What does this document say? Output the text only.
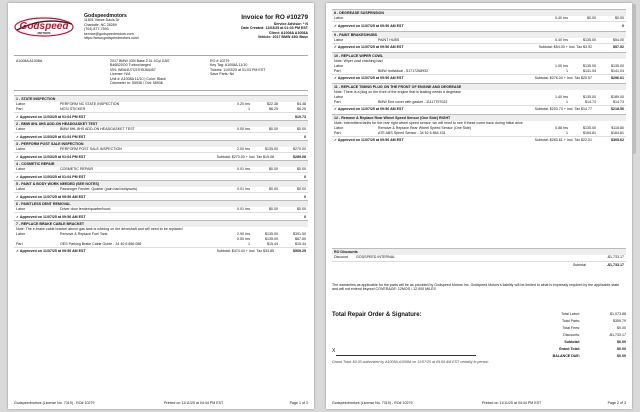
Godspeed
MOTORS
Godspeedmotors
11801 Vance Davis Dr
Charlotte, NC 28269
(704) 877-7593
service@godspeedmotors.com
https://www.godspeedmotors.com/
Invoice for RO #10279
Service Advisor: * N
Date Created: 11/03/25 at 01:03 PM EST
Client: A1008A A1008A
Vehicle: 2017 BMW 430i Base
A1008A A1008A	2017 BMW 430i Base 2.0L 4Cyl GAS
B46B20O0 Turbocharged
VIN: WBA4U7C57H5J84457
License: N/A
Unit #: A1008A 11/10 | Color: Black
Odometer In: 55936 / Out: 55936
RO # 10279
Key Tag: A1008A-11/10
Tickets: 11/03/25 at 01:03 PM EST
Save Parts: No
1 - STATE INSPECTION
Labor	PERFORM NC STATE INSPECTION	0.20 hrs	$22.38	$4.48
Part	NCSI STICKER	1	$6.25	$6.25
✓ Approved on 11/03/25 at 01:04 PM EST	$10.73
2 - BMW 8HL 8HS ADD-ON HEADGASKET TEST
Labor	BMW 8HL 8HS ADD-ON HEADGASKET TEST	0.00 hrs	$0.00	$0.00
✓ Approved on 11/03/25 at 01:04 PM EST	0
3 - PERFORM POST SALE INSPECTION
Labor	PERFORM POST SALE INSPECTION	2.00 hrs	$135.00	$270.00
✓ Approved on 11/03/25 at 01:04 PM EST	Subtotal: $270.00 + Incl. Tax $19.08	$289.08
4 - COSMETIC REPAIR
Labor	COSMETIC REPAIR	0.01 hrs	$0.00	$0.00
✓ Approved on 11/03/25 at 01:04 PM EST	0
5 - PAINT & BODY WORK NEEDED (SEE NOTES)
Labor	Passenger Fender, Quarter (pain bad bodywork)	0.01 hrs	$0.00	$0.00
✓ Approved on 11/07/25 at 09:56 AM EST	0
6 - PAINTLESS DENT REMOVAL
Labor	Driver door fender/quarter/hood	0.01 hrs	$0.00	$0.00
✓ Approved on 11/07/25 at 09:56 AM EST	0
7 - REPLACE BRAKE CABLE BRACKET
Note: The e-brake cable bracket above gas tank is rubbing on the driveshaft and will need to be replaced
Labor	Remove & Replace Fuel Tank	2.90 hrs	$135.00	$391.50
0.50 hrs	$135.00	$67.50
Part	OES Parking Brake Cable Guide - 34 40 6 856 098	1	$15.44	$15.44
✓ Approved on 11/07/25 at 09:56 AM EST	Subtotal: $474.44 + Incl. Tax $34.85	$509.29
Godspeedmotors (License No. 7319) - RO# 10279	Printed on 11/11/25 at 04:44 PM EST	Page 1 of 3
8 - DEGREASE SUSPENSION
Labor	0.40 hrs	$0.00	$0.00
✓ Approved on 11/07/25 at 09:56 AM EST	0
9 - PAINT BRAKES/HUBS
Labor	PAINT HUBS	0.40 hrs	$135.00	$54.00
✓ Approved on 11/07/25 at 09:56 AM EST	Subtotal: $54.00 + Incl. Tax $3.92	$57.92
10 - REPLACE WIPER COWL
Note: Wiper cowl cracking bad
Labor	1.00 hrs	$135.00	$135.00
Part	BMW Individual - 51717268932	1	$141.04	$141.04
✓ Approved on 11/07/25 at 09:56 AM EST	Subtotal: $276.04 + Incl. Tax $20.57	$296.61
11 - REPLACE TIMING PLUG ON THE FRONT OF ENGINE AND DEGREASE
Note: There is a plug on the front of the engine that is leaking needs a degrease
Labor	1.40 hrs	$135.00	$189.00
Part	BMW End cover with gasket - 11117797022	1	$14.73	$14.73
✓ Approved on 11/07/25 at 09:56 AM EST	Subtotal: $203.73 + Incl. Tax $14.77	$218.50
12 - Remove & Replace Rear Wheel Speed Sensor (One Side) RIGHT
Note: Intermittent faults for the rear right wheel speed sensor, we will need to see if these come back during initial drive
Labor	Remove & Replace Rear Wheel Speed Sensor (One Side)	0.88 hrs	$135.00	$118.80
Part	ATE ABS Speed Sensor - 34 52 6 864 431	1	$164.81	$164.81
✓ Approved on 11/07/25 at 09:56 AM EST	Subtotal: $283.61 + Incl. Tax $22.01	$305.62
RO Discounts
Discount GODSPEED INTERNAL	-$1,733.17
Subtotal	-$1,733.17
The warranties as applicable for the parts will be as provided by Godspeed Motors Inc. Godspeed Motors's liability will be limited to what is expressly required by the applicable state and will not extend beyond COVERAGE: 12MOS / 12,000 MILES
Total Repair Order & Signature:	Total Labor:	$1,073.88
Total Parts:	$359.79
Total Fees:	$0.00
Discounts:	-$1,733.17
Subtotal:	$0.00
Grand Total:	$0.00
BALANCE DUE:	$0.00
X
Grand Total: $0.00 authorized by A1008A A1008A on 11/07/25 at 09:56 AM EST verbally in person
Godspeedmotors (License No. 7319) - RO# 10279	Printed on 11/11/25 at 04:44 PM EST	Page 2 of 3
